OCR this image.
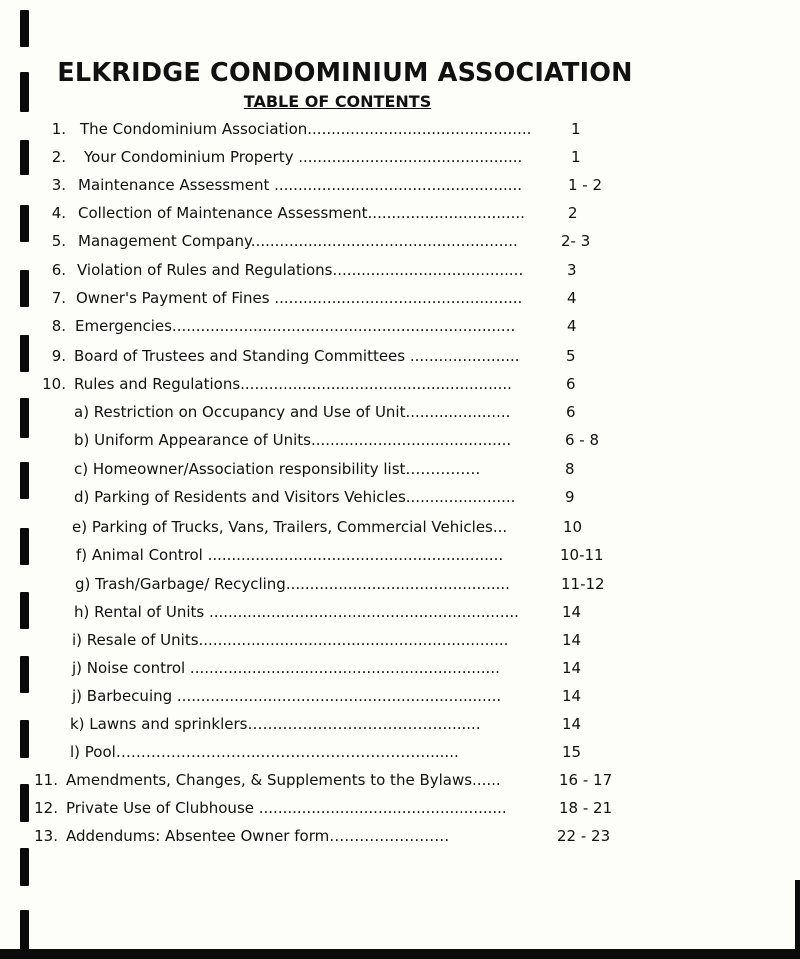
ELKRIDGE CONDOMINIUM ASSOCIATION
TABLE OF CONTENTS
1. The Condominium Association...............................................	1
2. Your Condominium Property ...............................................	1
3. Maintenance Assessment ....................................................	1 - 2
4. Collection of Maintenance Assessment.................................	2
5. Management Company........................................................	2- 3
6. Violation of Rules and Regulations........................................	3
7. Owner's Payment of Fines ....................................................	4
8. Emergencies........................................................................	4
9. Board of Trustees and Standing Committees .......................	5
10. Rules and Regulations.........................................................	6
a) Restriction on Occupancy and Use of Unit......................	6
b) Uniform Appearance of Units..........................................	6 - 8
c) Homeowner/Association responsibility list……………	8
d) Parking of Residents and Visitors Vehicles.......................	9
e) Parking of Trucks, Vans, Trailers, Commercial Vehicles...	10
f) Animal Control ..............................................................	10-11
g) Trash/Garbage/ Recycling...............................................	11-12
h) Rental of Units .................................................................	14
i) Resale of Units.................................................................	14
j) Noise control .................................................................	14
j) Barbecuing ....................................................................	14
k) Lawns and sprinklers…………………………………........	14
l) Pool………………………..…………………………….......	15
11. Amendments, Changes, & Supplements to the Bylaws......	16 - 17
12. Private Use of Clubhouse ....................................................	18 - 21
13. Addendums: Absentee Owner form……………………	22 - 23
